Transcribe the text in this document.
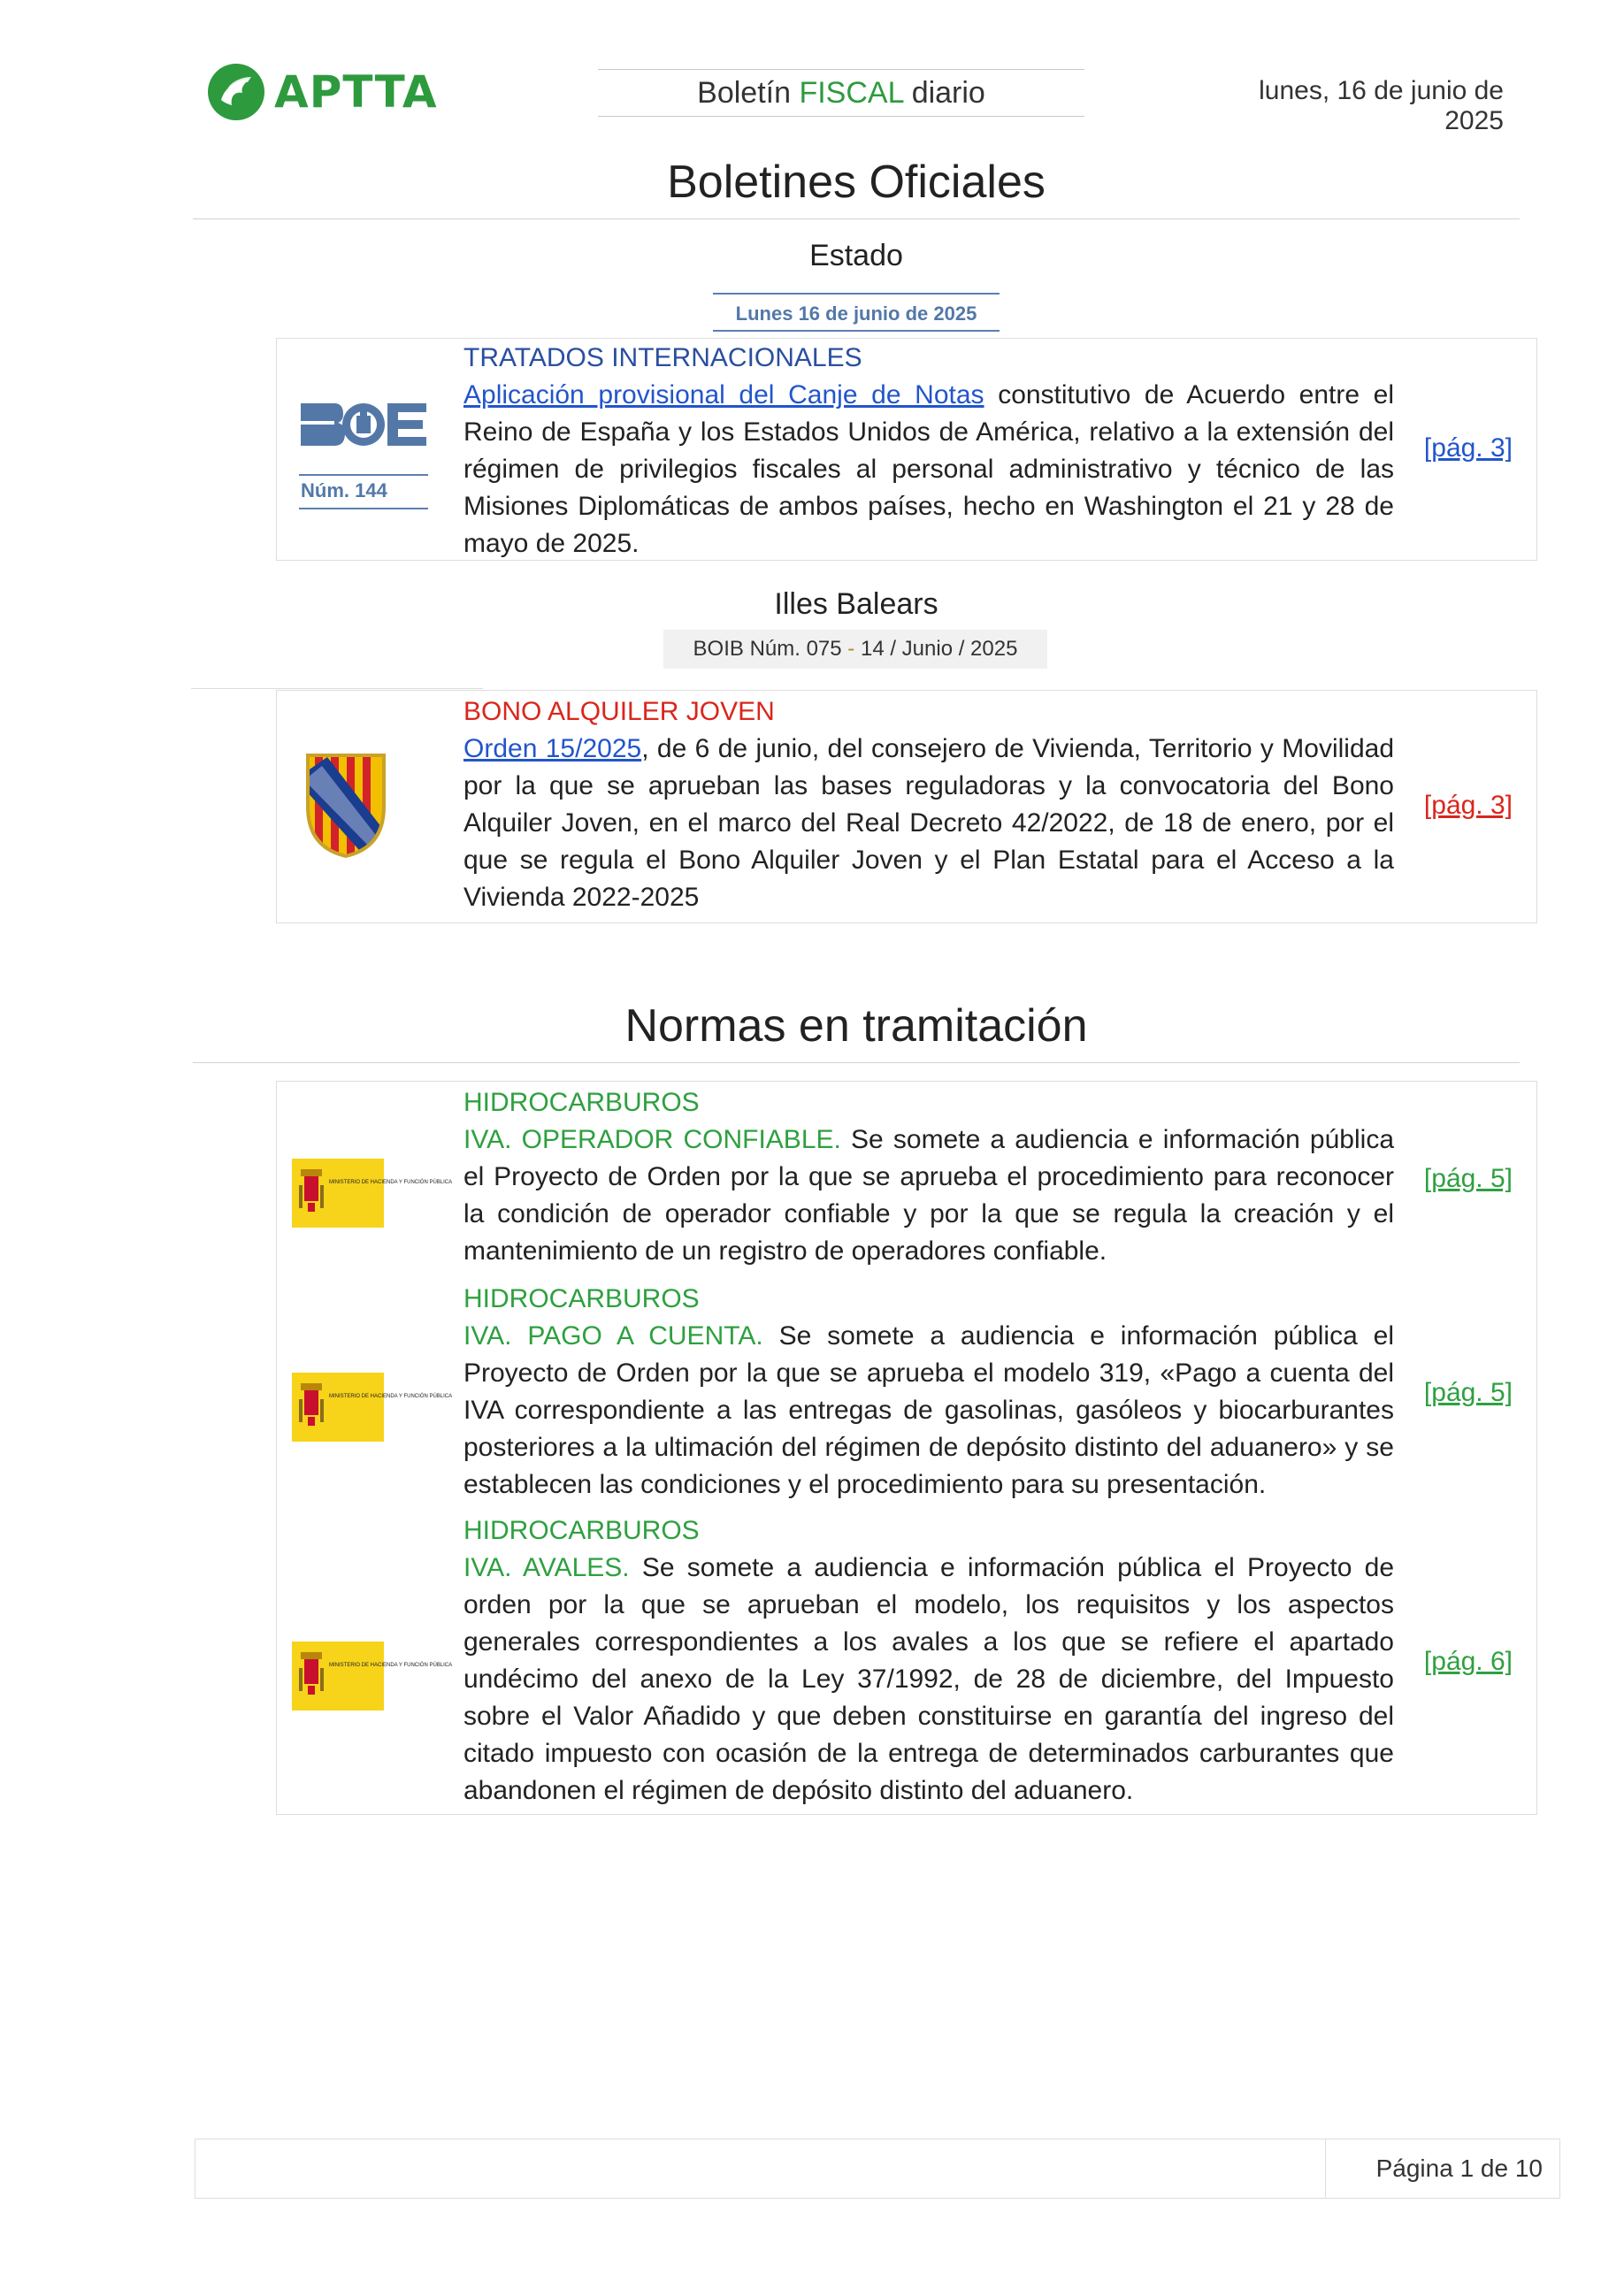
APTTA	Boletín FISCAL diario	lunes, 16 de junio de 2025
Boletines Oficiales
Estado
Lunes 16 de junio de 2025
Núm. 144

TRATADOS INTERNACIONALES

Aplicación provisional del Canje de Notas constitutivo de Acuerdo entre el Reino de España y los Estados Unidos de América, relativo a la extensión del régimen de privilegios fiscales al personal administrativo y técnico de las Misiones Diplomáticas de ambos países, hecho en Washington el 21 y 28 de mayo de 2025.

[pág. 3]
Illes Balears
BOIB Núm. 075 - 14 / Junio / 2025

BONO ALQUILER JOVEN

Orden 15/2025, de 6 de junio, del consejero de Vivienda, Territorio y Movilidad por la que se aprueban las bases reguladoras y la convocatoria del Bono Alquiler Joven, en el marco del Real Decreto 42/2022, de 18 de enero, por el que se regula el Bono Alquiler Joven y el Plan Estatal para el Acceso a la Vivienda 2022-2025

[pág. 3]
Normas en tramitación
MINISTERIO DE HACIENDA Y FUNCIÓN PÚBLICA

HIDROCARBUROS

IVA. OPERADOR CONFIABLE. Se somete a audiencia e información pública el Proyecto de Orden por la que se aprueba el procedimiento para reconocer la condición de operador confiable y por la que se regula la creación y el mantenimiento de un registro de operadores confiable.

[pág. 5]
MINISTERIO DE HACIENDA Y FUNCIÓN PÚBLICA

HIDROCARBUROS

IVA. PAGO A CUENTA. Se somete a audiencia e información pública el Proyecto de Orden por la que se aprueba el modelo 319, «Pago a cuenta del IVA correspondiente a las entregas de gasolinas, gasóleos y biocarburantes posteriores a la ultimación del régimen de depósito distinto del aduanero» y se establecen las condiciones y el procedimiento para su presentación.

[pág. 5]
MINISTERIO DE HACIENDA Y FUNCIÓN PÚBLICA

HIDROCARBUROS

IVA. AVALES. Se somete a audiencia e información pública el Proyecto de orden por la que se aprueban el modelo, los requisitos y los aspectos generales correspondientes a los avales a los que se refiere el apartado undécimo del anexo de la Ley 37/1992, de 28 de diciembre, del Impuesto sobre el Valor Añadido y que deben constituirse en garantía del ingreso del citado impuesto con ocasión de la entrega de determinados carburantes que abandonen el régimen de depósito distinto del aduanero.

[pág. 6]
Página 1 de 10
